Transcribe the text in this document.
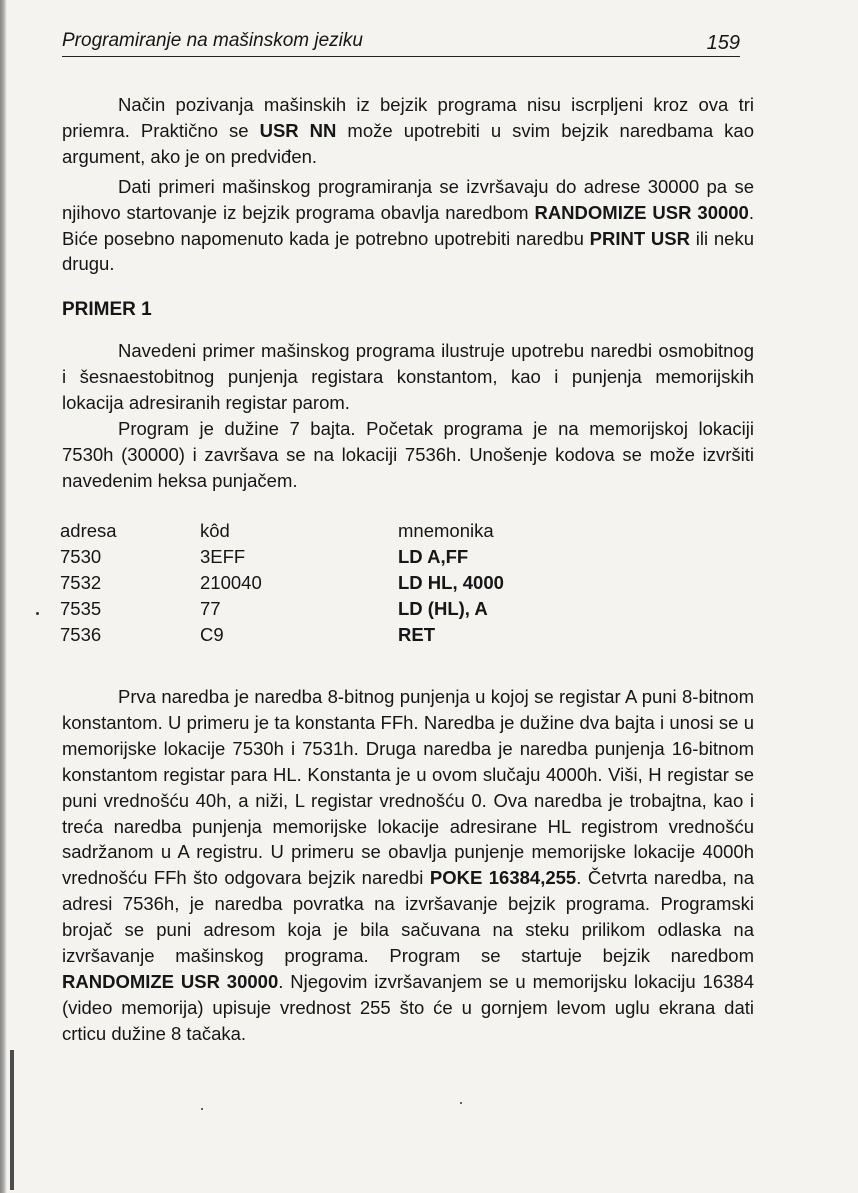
Programiranje na mašinskom jeziku	159

Način pozivanja mašinskih iz bejzik programa nisu iscrpljeni kroz ova tri priemra. Praktično se USR NN može upotrebiti u svim bejzik naredbama kao argument, ako je on predviđen.

Dati primeri mašinskog programiranja se izvršavaju do adrese 30000 pa se njihovo startovanje iz bejzik programa obavlja naredbom RANDOMIZE USR 30000. Biće posebno napomenuto kada je potrebno upotrebiti naredbu PRINT USR ili neku drugu.

PRIMER 1

Navedeni primer mašinskog programa ilustruje upotrebu naredbi osmobitnog i šesnaestobitnog punjenja registara konstantom, kao i punjenja memorijskih lokacija adresiranih registar parom.

Program je dužine 7 bajta. Početak programa je na memorijskoj lokaciji 7530h (30000) i završava se na lokaciji 7536h. Unošenje kodova se može izvršiti navedenim heksa punjačem.

adresa	kôd	mnemonika
7530	3EFF	LD A,FF
7532	210040	LD HL, 4000
7535	77	LD (HL), A
7536	C9	RET

Prva naredba je naredba 8-bitnog punjenja u kojoj se registar A puni 8-bitnom konstantom. U primeru je ta konstanta FFh. Naredba je dužine dva bajta i unosi se u memorijske lokacije 7530h i 7531h. Druga naredba je naredba punjenja 16-bitnom konstantom registar para HL. Konstanta je u ovom slučaju 4000h. Viši, H registar se puni vrednošću 40h, a niži, L registar vrednošću 0. Ova naredba je trobajtna, kao i treća naredba punjenja memorijske lokacije adresirane HL registrom vrednošću sadržanom u A registru. U primeru se obavlja punjenje memorijske lokacije 4000h vrednošću FFh što odgovara bejzik naredbi POKE 16384,255. Četvrta naredba, na adresi 7536h, je naredba povratka na izvršavanje bejzik programa. Programski brojač se puni adresom koja je bila sačuvana na steku prilikom odlaska na izvršavanje mašinskog programa. Program se startuje bejzik naredbom RANDOMIZE USR 30000. Njegovim izvršavanjem se u memorijsku lokaciju 16384 (video memorija) upisuje vrednost 255 što će u gornjem levom uglu ekrana dati crticu dužine 8 tačaka.
